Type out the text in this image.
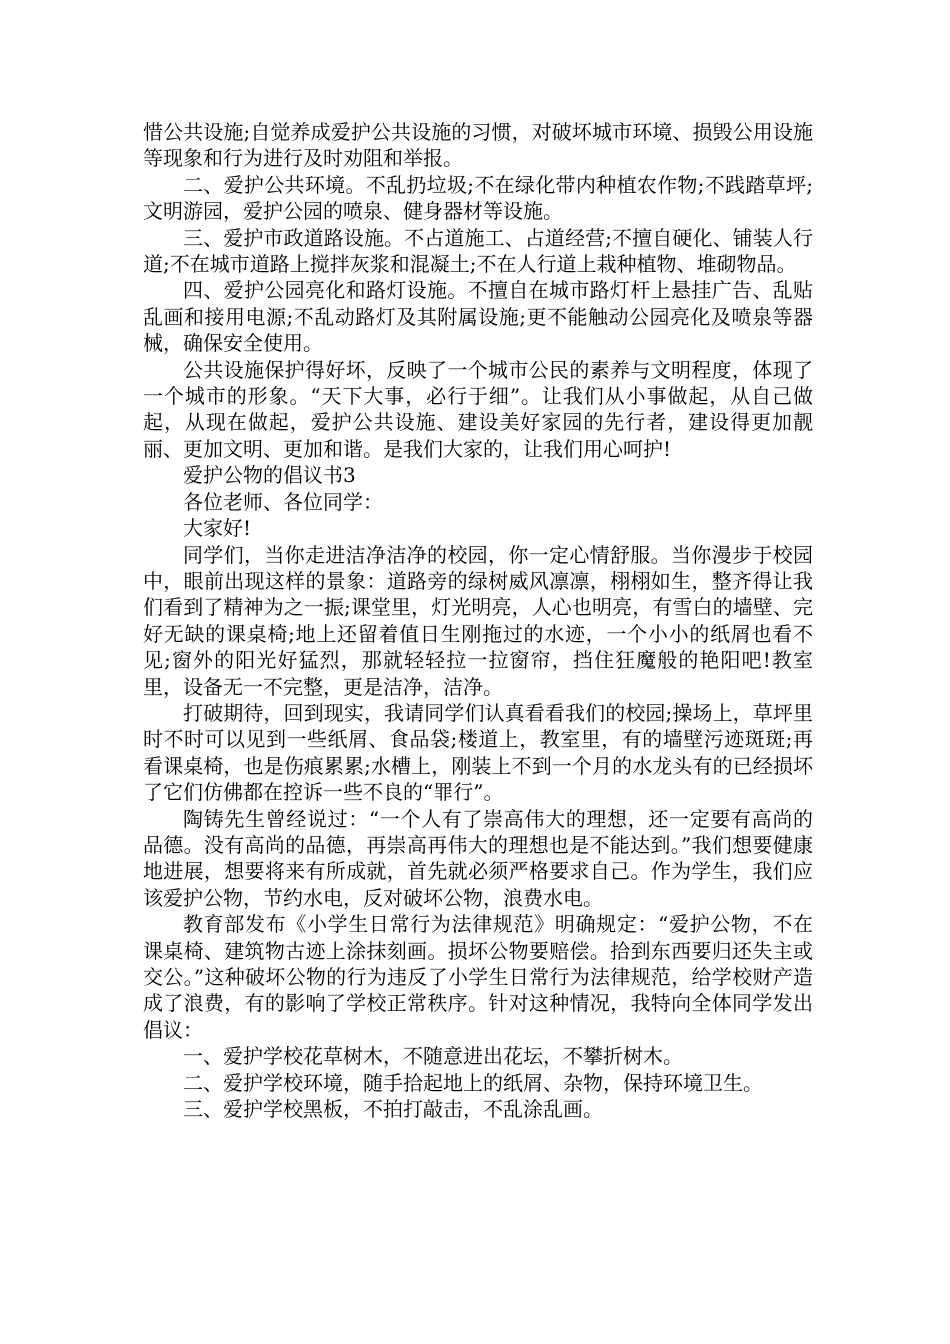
惜公共设施;自觉养成爱护公共设施的习惯，对破坏城市环境、损毁公用设施等现象和行为进行及时劝阻和举报。

二、爱护公共环境。不乱扔垃圾;不在绿化带内种植农作物;不践踏草坪;文明游园，爱护公园的喷泉、健身器材等设施。

三、爱护市政道路设施。不占道施工、占道经营;不擅自硬化、铺装人行道;不在城市道路上搅拌灰浆和混凝土;不在人行道上栽种植物、堆砌物品。

四、爱护公园亮化和路灯设施。不擅自在城市路灯杆上悬挂广告、乱贴乱画和接用电源;不乱动路灯及其附属设施;更不能触动公园亮化及喷泉等器械，确保安全使用。

公共设施保护得好坏，反映了一个城市公民的素养与文明程度，体现了一个城市的形象。“天下大事，必行于细”。让我们从小事做起，从自己做起，从现在做起，爱护公共设施、建设美好家园的先行者，建设得更加靓丽、更加文明、更加和谐。是我们大家的，让我们用心呵护!

爱护公物的倡议书3

各位老师、各位同学：

大家好!

同学们，当你走进洁净洁净的校园，你一定心情舒服。当你漫步于校园中，眼前出现这样的景象：道路旁的绿树威风凛凛，栩栩如生，整齐得让我们看到了精神为之一振;课堂里，灯光明亮，人心也明亮，有雪白的墙壁、完好无缺的课桌椅;地上还留着值日生刚拖过的水迹，一个小小的纸屑也看不见;窗外的阳光好猛烈，那就轻轻拉一拉窗帘，挡住狂魔般的艳阳吧!教室里，设备无一不完整，更是洁净，洁净。

打破期待，回到现实，我请同学们认真看看我们的校园;操场上，草坪里时不时可以见到一些纸屑、食品袋;楼道上，教室里，有的墙壁污迹斑斑;再看课桌椅，也是伤痕累累;水槽上，刚装上不到一个月的水龙头有的已经损坏了它们仿佛都在控诉一些不良的“罪行”。

陶铸先生曾经说过：“一个人有了崇高伟大的理想，还一定要有高尚的品德。没有高尚的品德，再崇高再伟大的理想也是不能达到。”我们想要健康地进展，想要将来有所成就，首先就必须严格要求自己。作为学生，我们应该爱护公物，节约水电，反对破坏公物，浪费水电。

教育部发布《小学生日常行为法律规范》明确规定：“爱护公物，不在课桌椅、建筑物古迹上涂抹刻画。损坏公物要赔偿。拾到东西要归还失主或交公。”这种破坏公物的行为违反了小学生日常行为法律规范，给学校财产造成了浪费，有的影响了学校正常秩序。针对这种情况，我特向全体同学发出倡议：

一、爱护学校花草树木，不随意进出花坛，不攀折树木。

二、爱护学校环境，随手拾起地上的纸屑、杂物，保持环境卫生。

三、爱护学校黑板，不拍打敲击，不乱涂乱画。
